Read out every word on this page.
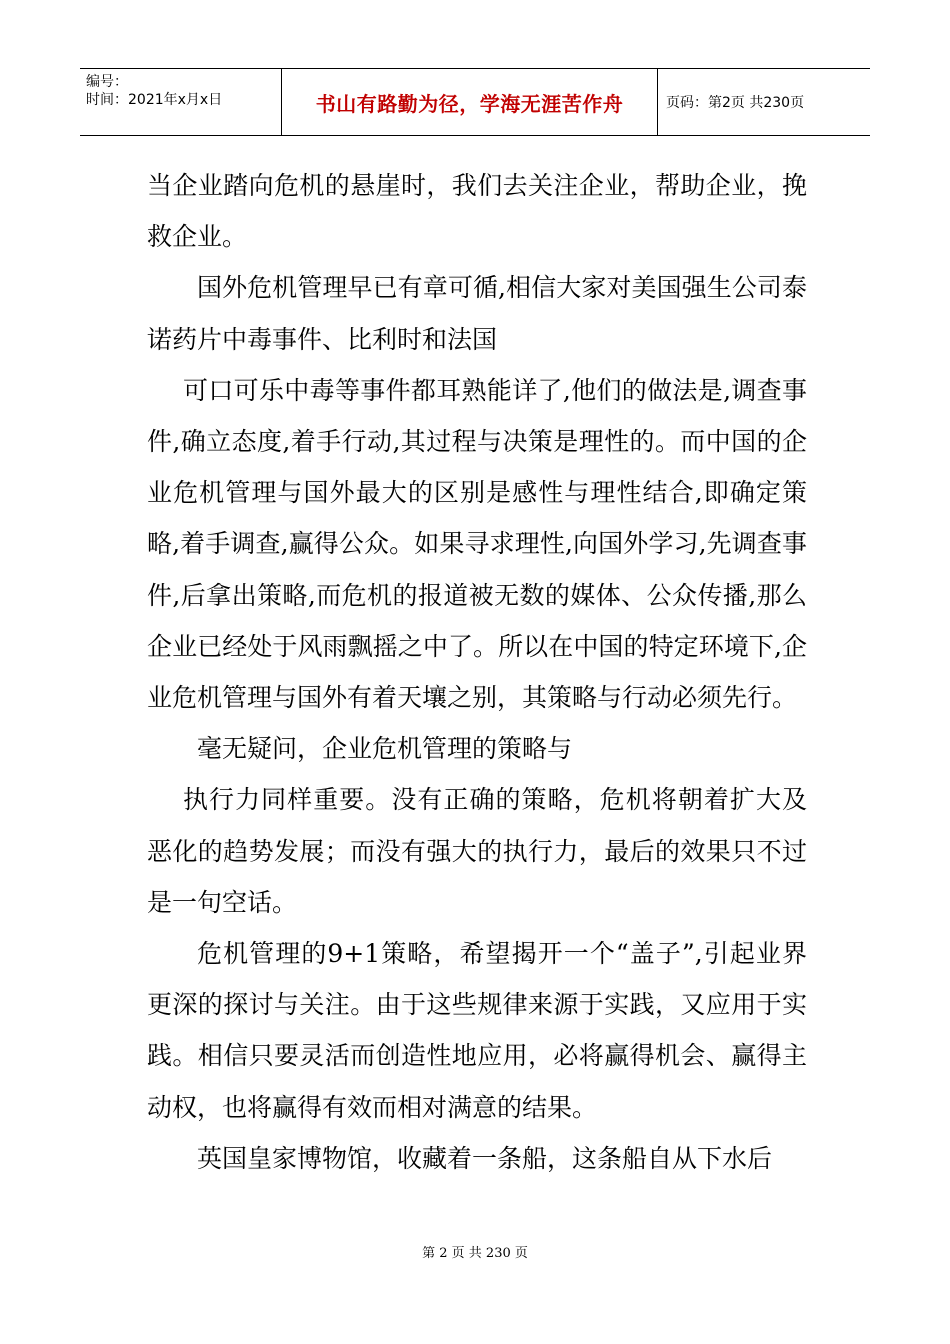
编号：
时间：2021年x月x日	书山有路勤为径，学海无涯苦作舟	页码：第2页 共230页

当企业踏向危机的悬崖时，我们去关注企业，帮助企业，挽救企业。

国外危机管理早已有章可循,相信大家对美国强生公司泰诺药片中毒事件、比利时和法国

可口可乐中毒等事件都耳熟能详了,他们的做法是,调查事件,确立态度,着手行动,其过程与决策是理性的。而中国的企业危机管理与国外最大的区别是感性与理性结合,即确定策略,着手调查,赢得公众。如果寻求理性,向国外学习,先调查事件,后拿出策略,而危机的报道被无数的媒体、公众传播,那么企业已经处于风雨飘摇之中了。所以在中国的特定环境下,企业危机管理与国外有着天壤之别，其策略与行动必须先行。

毫无疑问，企业危机管理的策略与

执行力同样重要。没有正确的策略，危机将朝着扩大及恶化的趋势发展；而没有强大的执行力，最后的效果只不过是一句空话。

危机管理的9+1策略，希望揭开一个“盖子”,引起业界更深的探讨与关注。由于这些规律来源于实践，又应用于实践。相信只要灵活而创造性地应用，必将赢得机会、赢得主动权，也将赢得有效而相对满意的结果。

英国皇家博物馆，收藏着一条船，这条船自从下水后

第 2 页 共 230 页
